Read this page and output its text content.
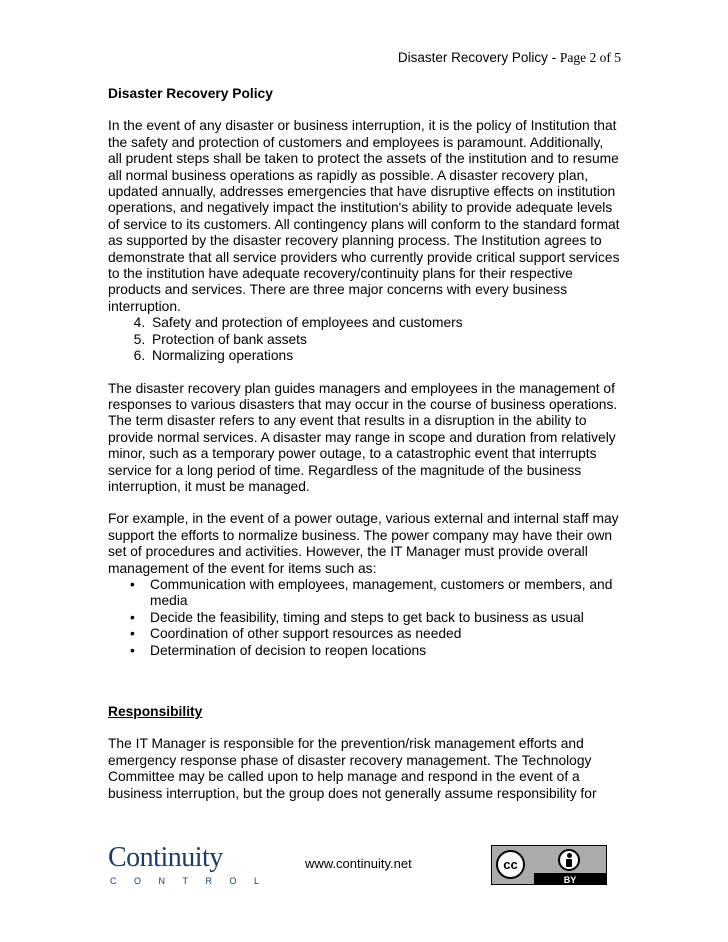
Disaster Recovery Policy - Page 2 of 5
Disaster Recovery Policy

In the event of any disaster or business interruption, it is the policy of Institution that the safety and protection of customers and employees is paramount. Additionally, all prudent steps shall be taken to protect the assets of the institution and to resume all normal business operations as rapidly as possible. A disaster recovery plan, updated annually, addresses emergencies that have disruptive effects on institution operations, and negatively impact the institution's ability to provide adequate levels of service to its customers. All contingency plans will conform to the standard format as supported by the disaster recovery planning process. The Institution agrees to demonstrate that all service providers who currently provide critical support services to the institution have adequate recovery/continuity plans for their respective products and services. There are three major concerns with every business interruption.

4. Safety and protection of employees and customers
5. Protection of bank assets
6. Normalizing operations

The disaster recovery plan guides managers and employees in the management of responses to various disasters that may occur in the course of business operations. The term disaster refers to any event that results in a disruption in the ability to provide normal services. A disaster may range in scope and duration from relatively minor, such as a temporary power outage, to a catastrophic event that interrupts service for a long period of time. Regardless of the magnitude of the business interruption, it must be managed.

For example, in the event of a power outage, various external and internal staff may support the efforts to normalize business. The power company may have their own set of procedures and activities. However, the IT Manager must provide overall management of the event for items such as:

• Communication with employees, management, customers or members, and media
• Decide the feasibility, timing and steps to get back to business as usual
• Coordination of other support resources as needed
• Determination of decision to reopen locations
Responsibility

The IT Manager is responsible for the prevention/risk management efforts and emergency response phase of disaster recovery management. The Technology Committee may be called upon to help manage and respond in the event of a business interruption, but the group does not generally assume responsibility for

Continuity
CONTROL
www.continuity.net	cc
BY
